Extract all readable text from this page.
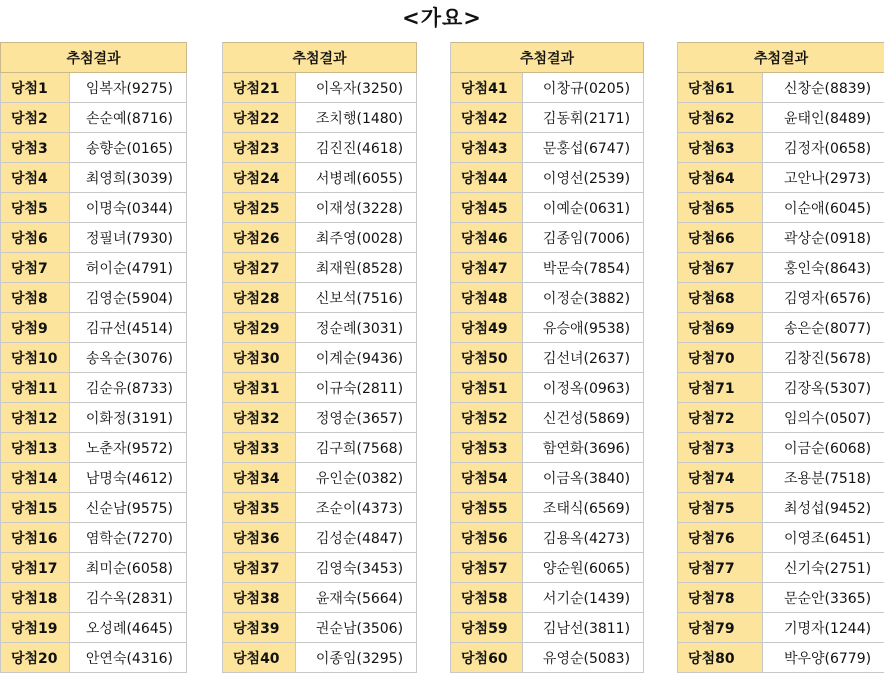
<가요>
추첨결과			추첨결과			추첨결과			추첨결과	
당첨1	임복자(9275)		당첨21	이옥자(3250)		당첨41	이창규(0205)		당첨61	신창순(8839)
당첨2	손순예(8716)		당첨22	조치행(1480)		당첨42	김동휘(2171)		당첨62	윤태인(8489)
당첨3	송향순(0165)		당첨23	김진진(4618)		당첨43	문홍섭(6747)		당첨63	김정자(0658)
당첨4	최영희(3039)		당첨24	서병례(6055)		당첨44	이영선(2539)		당첨64	고안나(2973)
당첨5	이명숙(0344)		당첨25	이재성(3228)		당첨45	이예순(0631)		당첨65	이순애(6045)
당첨6	정필녀(7930)		당첨26	최주영(0028)		당첨46	김종임(7006)		당첨66	곽상순(0918)
당첨7	허이순(4791)		당첨27	최재원(8528)		당첨47	박문숙(7854)		당첨67	홍인숙(8643)
당첨8	김영순(5904)		당첨28	신보석(7516)		당첨48	이정순(3882)		당첨68	김영자(6576)
당첨9	김규선(4514)		당첨29	정순례(3031)		당첨49	유승애(9538)		당첨69	송은순(8077)
당첨10	송옥순(3076)		당첨30	이계순(9436)		당첨50	김선녀(2637)		당첨70	김창진(5678)
당첨11	김순유(8733)		당첨31	이규숙(2811)		당첨51	이정옥(0963)		당첨71	김장옥(5307)
당첨12	이화정(3191)		당첨32	정영순(3657)		당첨52	신건성(5869)		당첨72	임의수(0507)
당첨13	노춘자(9572)		당첨33	김구희(7568)		당첨53	함연화(3696)		당첨73	이금순(6068)
당첨14	남명숙(4612)		당첨34	유인순(0382)		당첨54	이금옥(3840)		당첨74	조용분(7518)
당첨15	신순남(9575)		당첨35	조순이(4373)		당첨55	조태식(6569)		당첨75	최성섭(9452)
당첨16	염학순(7270)		당첨36	김성순(4847)		당첨56	김용옥(4273)		당첨76	이영조(6451)
당첨17	최미순(6058)		당첨37	김영숙(3453)		당첨57	양순원(6065)		당첨77	신기숙(2751)
당첨18	김수옥(2831)		당첨38	윤재숙(5664)		당첨58	서기순(1439)		당첨78	문순안(3365)
당첨19	오성례(4645)		당첨39	권순남(3506)		당첨59	김남선(3811)		당첨79	기명자(1244)
당첨20	안연숙(4316)		당첨40	이종임(3295)		당첨60	유영순(5083)		당첨80	박우양(6779)
